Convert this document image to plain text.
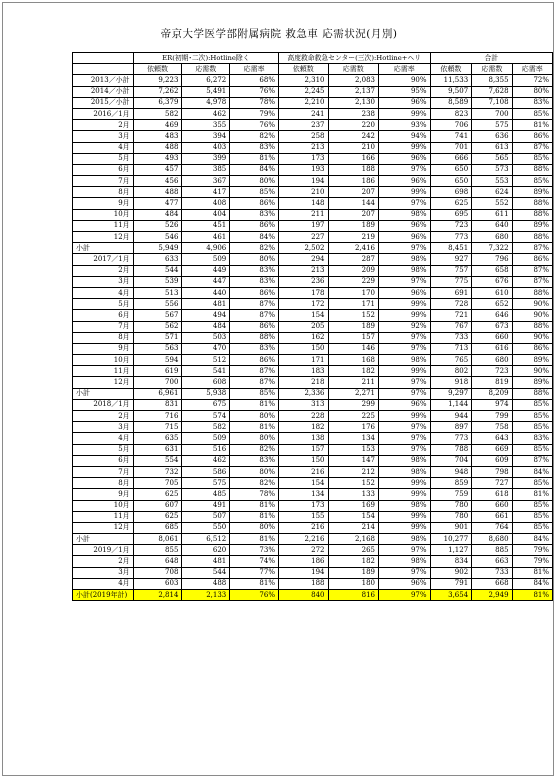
帝京大学医学部附属病院 救急車 応需状況(月別)
	ER(初期･二次):Hotline除く			高度救命救急センター(三次):Hotline+ヘリ			合計		
	依頼数	応需数	応需率	依頼数	応需数	応需率	依頼数	応需数	応需率
2013／小計	9,223	6,272	68%	2,310	2,083	90%	11,533	8,355	72%
2014／小計	7,262	5,491	76%	2,245	2,137	95%	9,507	7,628	80%
2015／小計	6,379	4,978	78%	2,210	2,130	96%	8,589	7,108	83%
2016／1月	582	462	79%	241	238	99%	823	700	85%
2月	469	355	76%	237	220	93%	706	575	81%
3月	483	394	82%	258	242	94%	741	636	86%
4月	488	403	83%	213	210	99%	701	613	87%
5月	493	399	81%	173	166	96%	666	565	85%
6月	457	385	84%	193	188	97%	650	573	88%
7月	456	367	80%	194	186	96%	650	553	85%
8月	488	417	85%	210	207	99%	698	624	89%
9月	477	408	86%	148	144	97%	625	552	88%
10月	484	404	83%	211	207	98%	695	611	88%
11月	526	451	86%	197	189	96%	723	640	89%
12月	546	461	84%	227	219	96%	773	680	88%
小計	5,949	4,906	82%	2,502	2,416	97%	8,451	7,322	87%
2017／1月	633	509	80%	294	287	98%	927	796	86%
2月	544	449	83%	213	209	98%	757	658	87%
3月	539	447	83%	236	229	97%	775	676	87%
4月	513	440	86%	178	170	96%	691	610	88%
5月	556	481	87%	172	171	99%	728	652	90%
6月	567	494	87%	154	152	99%	721	646	90%
7月	562	484	86%	205	189	92%	767	673	88%
8月	571	503	88%	162	157	97%	733	660	90%
9月	563	470	83%	150	146	97%	713	616	86%
10月	594	512	86%	171	168	98%	765	680	89%
11月	619	541	87%	183	182	99%	802	723	90%
12月	700	608	87%	218	211	97%	918	819	89%
小計	6,961	5,938	85%	2,336	2,271	97%	9,297	8,209	88%
2018／1月	831	675	81%	313	299	96%	1,144	974	85%
2月	716	574	80%	228	225	99%	944	799	85%
3月	715	582	81%	182	176	97%	897	758	85%
4月	635	509	80%	138	134	97%	773	643	83%
5月	631	516	82%	157	153	97%	788	669	85%
6月	554	462	83%	150	147	98%	704	609	87%
7月	732	586	80%	216	212	98%	948	798	84%
8月	705	575	82%	154	152	99%	859	727	85%
9月	625	485	78%	134	133	99%	759	618	81%
10月	607	491	81%	173	169	98%	780	660	85%
11月	625	507	81%	155	154	99%	780	661	85%
12月	685	550	80%	216	214	99%	901	764	85%
小計	8,061	6,512	81%	2,216	2,168	98%	10,277	8,680	84%
2019／1月	855	620	73%	272	265	97%	1,127	885	79%
2月	648	481	74%	186	182	98%	834	663	79%
3月	708	544	77%	194	189	97%	902	733	81%
4月	603	488	81%	188	180	96%	791	668	84%
小計(2019年計)	2,814	2,133	76%	840	816	97%	3,654	2,949	81%
